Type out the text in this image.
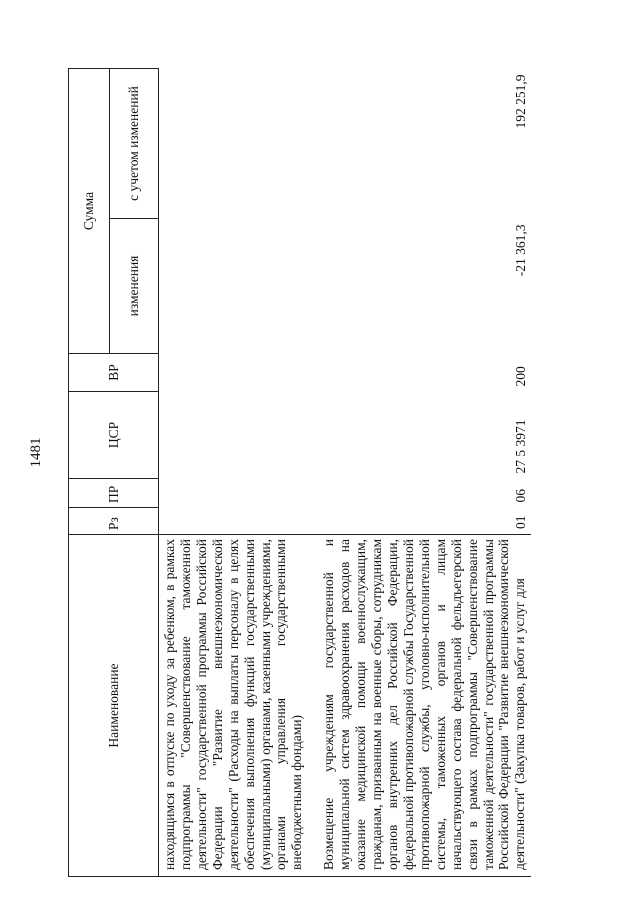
1481
Наименование	Рз	ПР	ЦСР	ВР	Сумма	
					изменения	с учетом изменений
находящимся в отпуске по уходу за ребенком, в рамках подпрограммы "Совершенствование таможенной деятельности" государственной программы Российской Федерации "Развитие внешнеэкономической деятельности" (Расходы на выплаты персоналу в целях обеспечения выполнения функций государственными (муниципальными) органами, казенными учреждениями, органами управления государственными внебюджетными фондами)						

Возмещение учреждениям государственной и муниципальной систем здравоохранения расходов на оказание медицинской помощи военнослужащим, гражданам, призванным на военные сборы, сотрудникам органов внутренних дел Российской Федерации, федеральной противопожарной службы Государственной противопожарной службы, уголовно-исполнительной системы, таможенных органов и лицам начальствующего состава федеральной фельдъегерской связи в рамках подпрограммы "Совершенствование таможенной деятельности" государственной программы Российской Федерации "Развитие внешнеэкономической деятельности" (Закупка товаров, работ и услуг для	01	06	27 5 3971	200	-21 361,3	192 251,9
